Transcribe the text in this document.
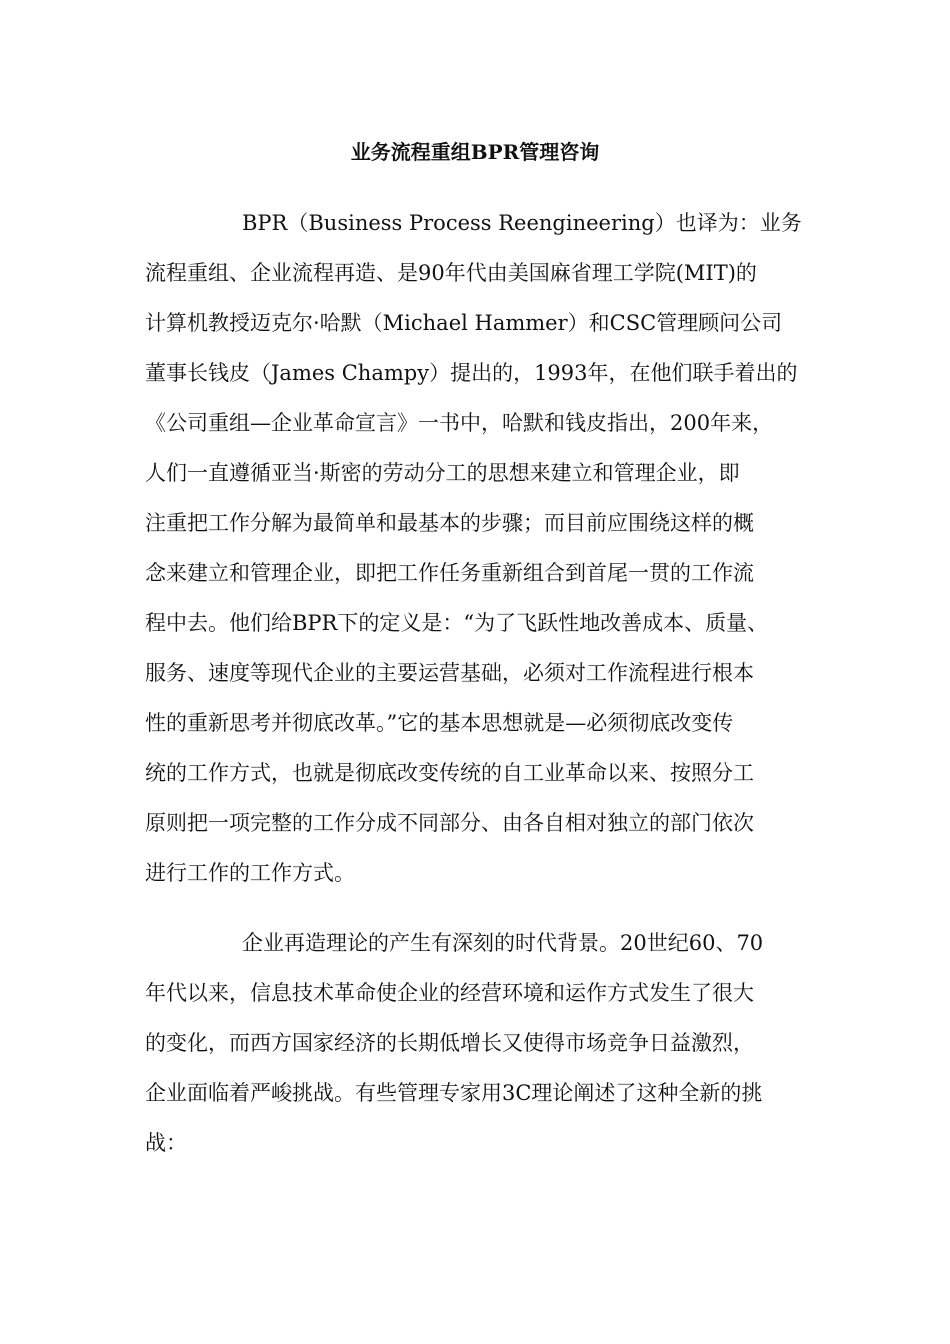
业务流程重组BPR管理咨询
BPR（Business Process Reengineering）也译为：业务
流程重组、企业流程再造、是90年代由美国麻省理工学院(MIT)的
计算机教授迈克尔·哈默（Michael Hammer）和CSC管理顾问公司
董事长钱皮（James Champy）提出的，1993年，在他们联手着出的
《公司重组—企业革命宣言》一书中，哈默和钱皮指出，200年来，
人们一直遵循亚当·斯密的劳动分工的思想来建立和管理企业，即
注重把工作分解为最简单和最基本的步骤；而目前应围绕这样的概
念来建立和管理企业，即把工作任务重新组合到首尾一贯的工作流
程中去。他们给BPR下的定义是：“为了飞跃性地改善成本、质量、
服务、速度等现代企业的主要运营基础，必须对工作流程进行根本
性的重新思考并彻底改革。”它的基本思想就是—必须彻底改变传
统的工作方式，也就是彻底改变传统的自工业革命以来、按照分工
原则把一项完整的工作分成不同部分、由各自相对独立的部门依次
进行工作的工作方式。
企业再造理论的产生有深刻的时代背景。20世纪60、70
年代以来，信息技术革命使企业的经营环境和运作方式发生了很大
的变化，而西方国家经济的长期低增长又使得市场竞争日益激烈，
企业面临着严峻挑战。有些管理专家用3C理论阐述了这种全新的挑
战：
